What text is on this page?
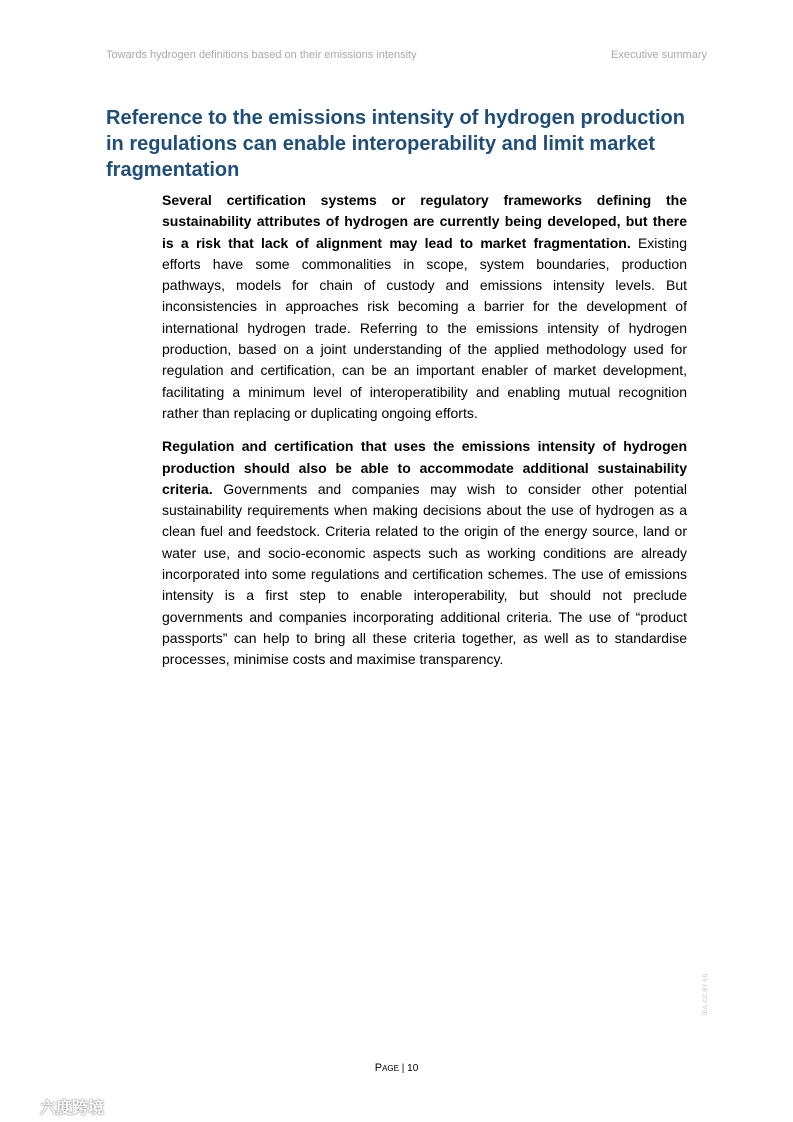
Towards hydrogen definitions based on their emissions intensity	Executive summary
Reference to the emissions intensity of hydrogen production in regulations can enable interoperability and limit market fragmentation

Several certification systems or regulatory frameworks defining the sustainability attributes of hydrogen are currently being developed, but there is a risk that lack of alignment may lead to market fragmentation. Existing efforts have some commonalities in scope, system boundaries, production pathways, models for chain of custody and emissions intensity levels. But inconsistencies in approaches risk becoming a barrier for the development of international hydrogen trade. Referring to the emissions intensity of hydrogen production, based on a joint understanding of the applied methodology used for regulation and certification, can be an important enabler of market development, facilitating a minimum level of interoperatibility and enabling mutual recognition rather than replacing or duplicating ongoing efforts.

Regulation and certification that uses the emissions intensity of hydrogen production should also be able to accommodate additional sustainability criteria. Governments and companies may wish to consider other potential sustainability requirements when making decisions about the use of hydrogen as a clean fuel and feedstock. Criteria related to the origin of the energy source, land or water use, and socio-economic aspects such as working conditions are already incorporated into some regulations and certification schemes. The use of emissions intensity is a first step to enable interoperability, but should not preclude governments and companies incorporating additional criteria. The use of “product passports” can help to bring all these criteria together, as well as to standardise processes, minimise costs and maximise transparency.

IEA. CC BY 4.0.
Page | 10
六度跨境
